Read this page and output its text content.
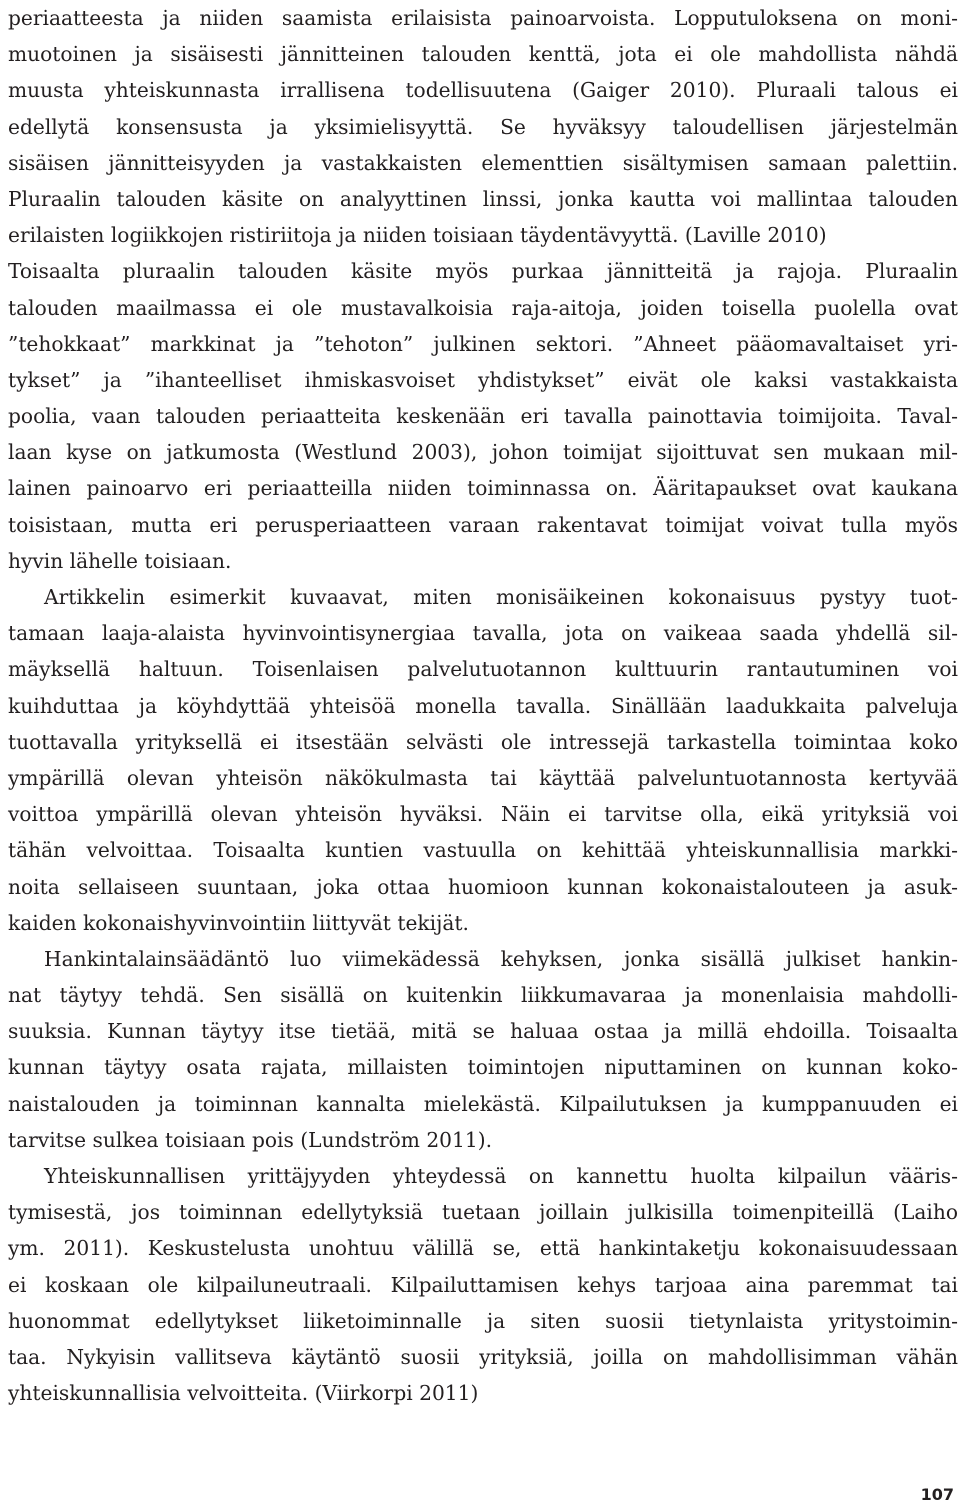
periaatteesta ja niiden saamista erilaisista painoarvoista. Lopputuloksena on moni-
muotoinen ja sisäisesti jännitteinen talouden kenttä, jota ei ole mahdollista nähdä
muusta yhteiskunnasta irrallisena todellisuutena (Gaiger 2010). Pluraali talous ei
edellytä konsensusta ja yksimielisyyttä. Se hyväksyy taloudellisen järjestelmän
sisäisen jännitteisyyden ja vastakkaisten elementtien sisältymisen samaan palettiin.
Pluraalin talouden käsite on analyyttinen linssi, jonka kautta voi mallintaa talouden
erilaisten logiikkojen ristiriitoja ja niiden toisiaan täydentävyyttä. (Laville 2010)
Toisaalta pluraalin talouden käsite myös purkaa jännitteitä ja rajoja. Pluraalin
talouden maailmassa ei ole mustavalkoisia raja-aitoja, joiden toisella puolella ovat
”tehokkaat” markkinat ja ”tehoton” julkinen sektori. ”Ahneet pääomavaltaiset yri-
tykset” ja ”ihanteelliset ihmiskasvoiset yhdistykset” eivät ole kaksi vastakkaista
poolia, vaan talouden periaatteita keskenään eri tavalla painottavia toimijoita. Taval-
laan kyse on jatkumosta (Westlund 2003), johon toimijat sijoittuvat sen mukaan mil-
lainen painoarvo eri periaatteilla niiden toiminnassa on. Ääritapaukset ovat kaukana
toisistaan, mutta eri perusperiaatteen varaan rakentavat toimijat voivat tulla myös
hyvin lähelle toisiaan.
Artikkelin esimerkit kuvaavat, miten monisäikeinen kokonaisuus pystyy tuot-
tamaan laaja-alaista hyvinvointisynergiaa tavalla, jota on vaikeaa saada yhdellä sil-
mäyksellä haltuun. Toisenlaisen palvelutuotannon kulttuurin rantautuminen voi
kuihduttaa ja köyhdyttää yhteisöä monella tavalla. Sinällään laadukkaita palveluja
tuottavalla yrityksellä ei itsestään selvästi ole intressejä tarkastella toimintaa koko
ympärillä olevan yhteisön näkökulmasta tai käyttää palveluntuotannosta kertyvää
voittoa ympärillä olevan yhteisön hyväksi. Näin ei tarvitse olla, eikä yrityksiä voi
tähän velvoittaa. Toisaalta kuntien vastuulla on kehittää yhteiskunnallisia markki-
noita sellaiseen suuntaan, joka ottaa huomioon kunnan kokonaistalouteen ja asuk-
kaiden kokonaishyvinvointiin liittyvät tekijät.
Hankintalainsäädäntö luo viimekädessä kehyksen, jonka sisällä julkiset hankin-
nat täytyy tehdä. Sen sisällä on kuitenkin liikkumavaraa ja monenlaisia mahdolli-
suuksia. Kunnan täytyy itse tietää, mitä se haluaa ostaa ja millä ehdoilla. Toisaalta
kunnan täytyy osata rajata, millaisten toimintojen niputtaminen on kunnan koko-
naistalouden ja toiminnan kannalta mielekästä. Kilpailutuksen ja kumppanuuden ei
tarvitse sulkea toisiaan pois (Lundström 2011).
Yhteiskunnallisen yrittäjyyden yhteydessä on kannettu huolta kilpailun vääris-
tymisestä, jos toiminnan edellytyksiä tuetaan joillain julkisilla toimenpiteillä (Laiho
ym. 2011). Keskustelusta unohtuu välillä se, että hankintaketju kokonaisuudessaan
ei koskaan ole kilpailuneutraali. Kilpailuttamisen kehys tarjoaa aina paremmat tai
huonommat edellytykset liiketoiminnalle ja siten suosii tietynlaista yritystoimin-
taa. Nykyisin vallitseva käytäntö suosii yrityksiä, joilla on mahdollisimman vähän
yhteiskunnallisia velvoitteita. (Viirkorpi 2011)
107
